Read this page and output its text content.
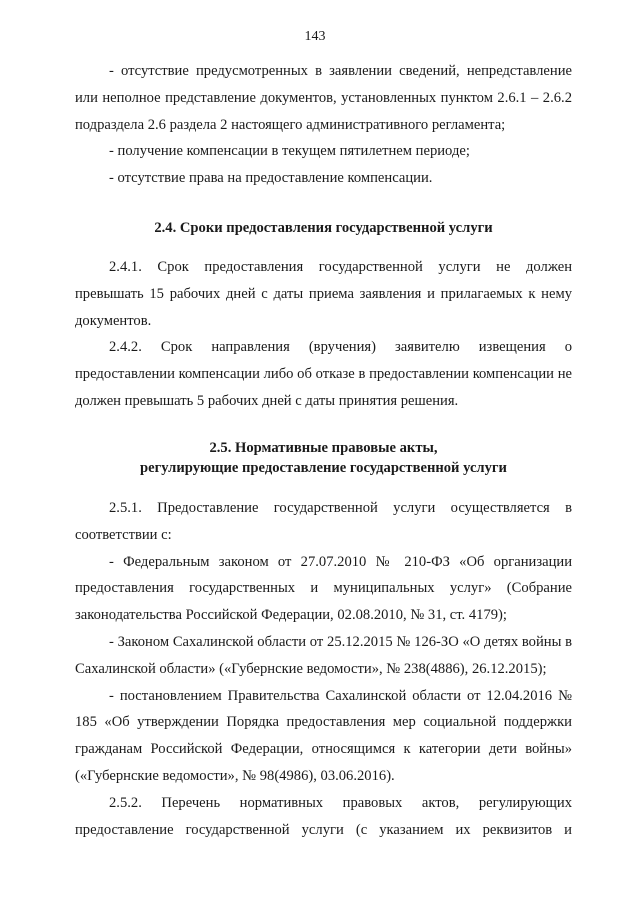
143

- отсутствие предусмотренных в заявлении сведений, непредставление или неполное представление документов, установленных пунктом 2.6.1 – 2.6.2 подраздела 2.6 раздела 2 настоящего административного регламента;

- получение компенсации в текущем пятилетнем периоде;

- отсутствие права на предоставление компенсации.

2.4. Сроки предоставления государственной услуги

2.4.1. Срок предоставления государственной услуги не должен превышать 15 рабочих дней с даты приема заявления и прилагаемых к нему документов.

2.4.2. Срок направления (вручения) заявителю извещения о предоставлении компенсации либо об отказе в предоставлении компенсации не должен превышать 5 рабочих дней с даты принятия решения.

2.5. Нормативные правовые акты,
регулирующие предоставление государственной услуги

2.5.1. Предоставление государственной услуги осуществляется в соответствии с:

- Федеральным законом от 27.07.2010 № 210-ФЗ «Об организации предоставления государственных и муниципальных услуг» (Собрание законодательства Российской Федерации, 02.08.2010, № 31, ст. 4179);

- Законом Сахалинской области от 25.12.2015 № 126-ЗО «О детях войны в Сахалинской области» («Губернские ведомости», № 238(4886), 26.12.2015);

- постановлением Правительства Сахалинской области от 12.04.2016 № 185 «Об утверждении Порядка предоставления мер социальной поддержки гражданам Российской Федерации, относящимся к категории дети войны» («Губернские ведомости», № 98(4986), 03.06.2016).

2.5.2. Перечень нормативных правовых актов, регулирующих предоставление государственной услуги (с указанием их реквизитов и
